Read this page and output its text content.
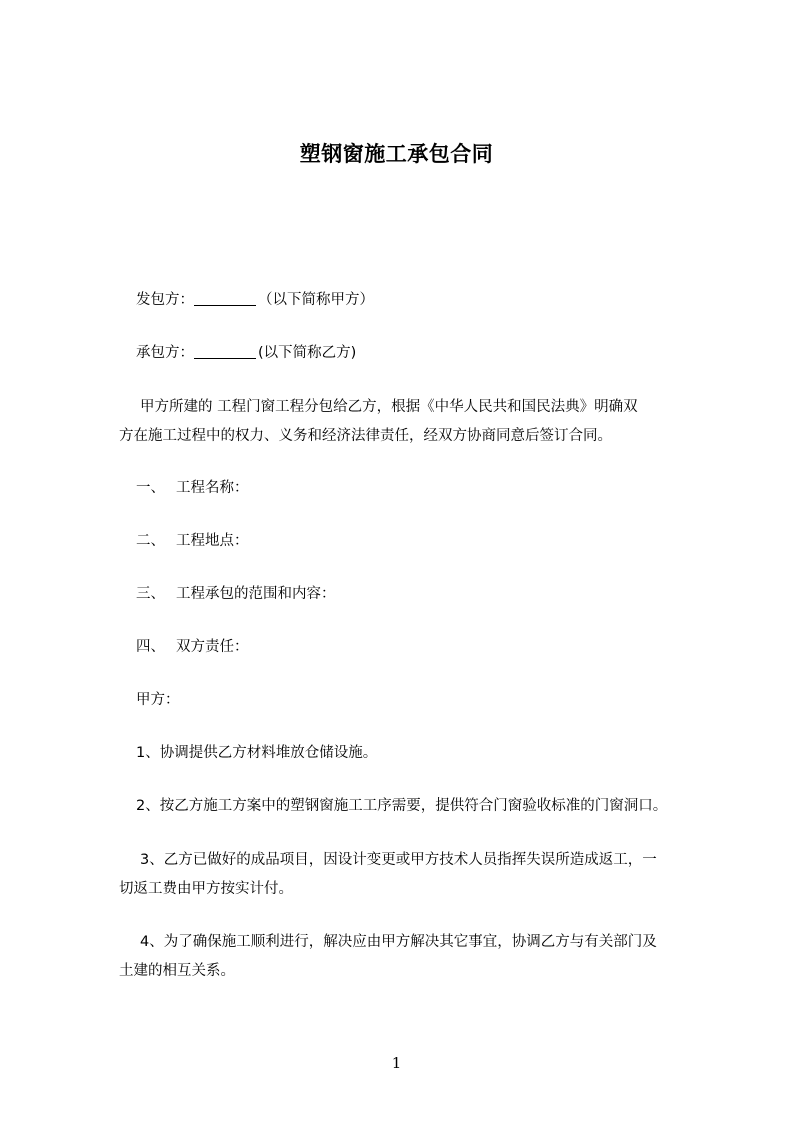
塑钢窗施工承包合同
发包方：	（以下简称甲方）
承包方：	(以下简称乙方)
甲方所建的 工程门窗工程分包给乙方，根据《中华人民共和国民法典》明确双
方在施工过程中的权力、义务和经济法律责任，经双方协商同意后签订合同。
一、 工程名称：
二、 工程地点：
三、 工程承包的范围和内容：
四、 双方责任：
甲方：
1、协调提供乙方材料堆放仓储设施。
2、按乙方施工方案中的塑钢窗施工工序需要，提供符合门窗验收标准的门窗洞口。
3、乙方已做好的成品项目，因设计变更或甲方技术人员指挥失误所造成返工，一
切返工费由甲方按实计付。
4、为了确保施工顺利进行，解决应由甲方解决其它事宜，协调乙方与有关部门及
土建的相互关系。
1
